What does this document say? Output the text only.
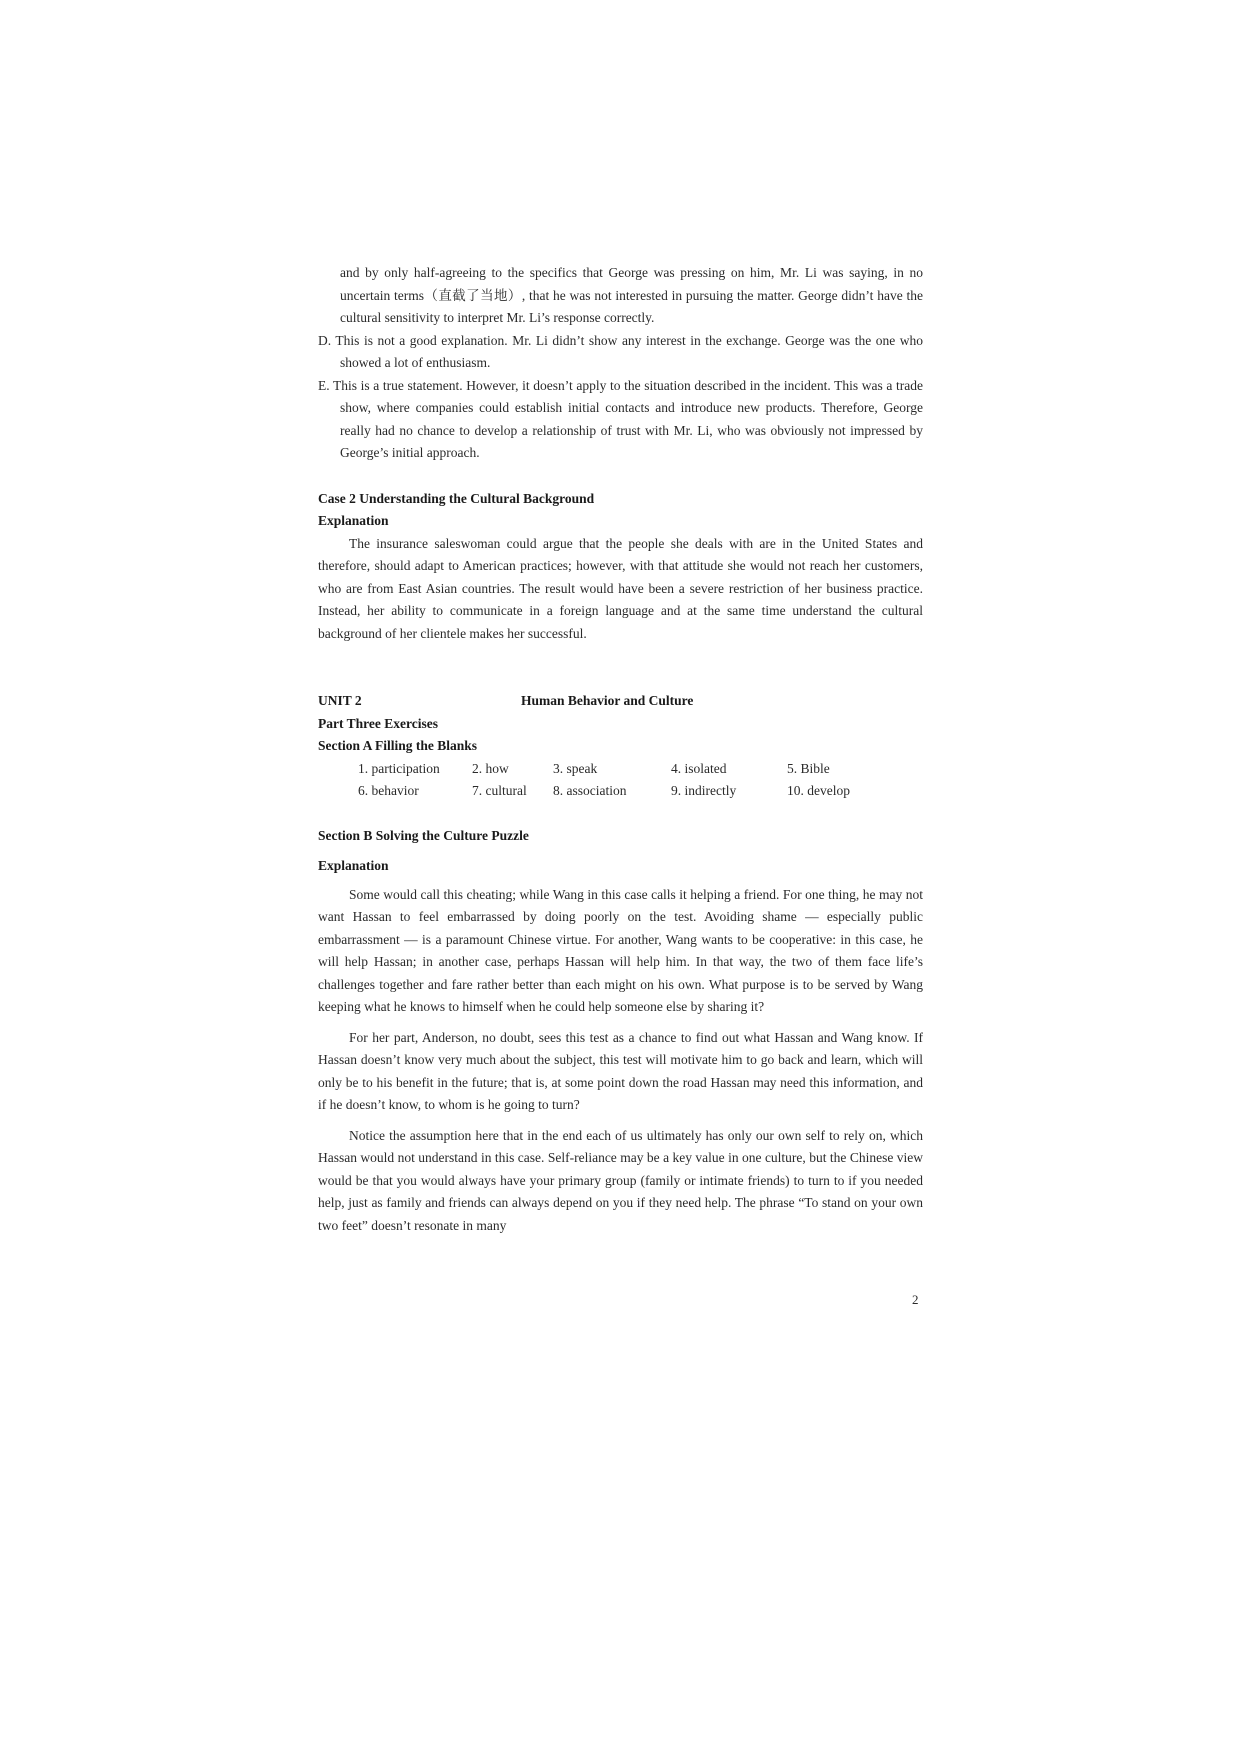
and by only half-agreeing to the specifics that George was pressing on him, Mr. Li was saying, in no uncertain terms（直截了当地）, that he was not interested in pursuing the matter. George didn’t have the cultural sensitivity to interpret Mr. Li’s response correctly.

D. This is not a good explanation. Mr. Li didn’t show any interest in the exchange. George was the one who showed a lot of enthusiasm.

E. This is a true statement. However, it doesn’t apply to the situation described in the incident. This was a trade show, where companies could establish initial contacts and introduce new products. Therefore, George really had no chance to develop a relationship of trust with Mr. Li, who was obviously not impressed by George’s initial approach.

Case 2 Understanding the Cultural Background

Explanation

The insurance saleswoman could argue that the people she deals with are in the United States and therefore, should adapt to American practices; however, with that attitude she would not reach her customers, who are from East Asian countries. The result would have been a severe restriction of her business practice. Instead, her ability to communicate in a foreign language and at the same time understand the cultural background of her clientele makes her successful.

UNIT 2	Human Behavior and Culture

Part Three Exercises

Section A Filling the Blanks

1. participation	2. how	3. speak	4. isolated	5. Bible
6. behavior	7. cultural	8. association	9. indirectly	10. develop

Section B Solving the Culture Puzzle

Explanation

Some would call this cheating; while Wang in this case calls it helping a friend. For one thing, he may not want Hassan to feel embarrassed by doing poorly on the test. Avoiding shame — especially public embarrassment — is a paramount Chinese virtue. For another, Wang wants to be cooperative: in this case, he will help Hassan; in another case, perhaps Hassan will help him. In that way, the two of them face life’s challenges together and fare rather better than each might on his own. What purpose is to be served by Wang keeping what he knows to himself when he could help someone else by sharing it?

For her part, Anderson, no doubt, sees this test as a chance to find out what Hassan and Wang know. If Hassan doesn’t know very much about the subject, this test will motivate him to go back and learn, which will only be to his benefit in the future; that is, at some point down the road Hassan may need this information, and if he doesn’t know, to whom is he going to turn?

Notice the assumption here that in the end each of us ultimately has only our own self to rely on, which Hassan would not understand in this case. Self-reliance may be a key value in one culture, but the Chinese view would be that you would always have your primary group (family or intimate friends) to turn to if you needed help, just as family and friends can always depend on you if they need help. The phrase “To stand on your own two feet” doesn’t resonate in many

2
